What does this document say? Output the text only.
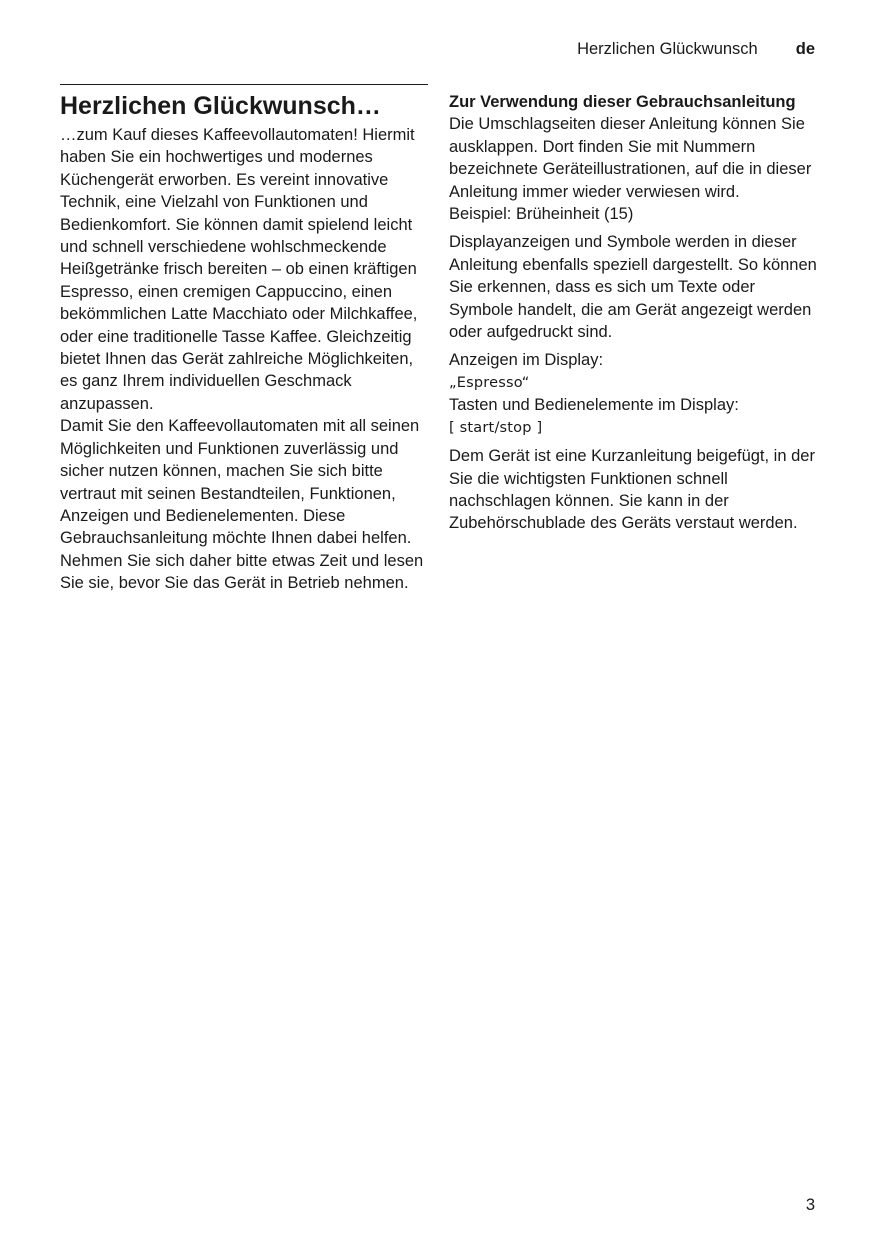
Herzlichen Glückwunsch de
Herzlichen Glückwunsch…

…zum Kauf dieses Kaffeevollautomaten! Hiermit haben Sie ein hochwertiges und modernes Küchengerät erworben. Es vereint innovative Technik, eine Vielzahl von Funktionen und Bedienkomfort. Sie können damit spielend leicht und schnell verschiedene wohlschmeckende Heißgetränke frisch bereiten – ob einen kräftigen Espresso, einen cremigen Cappuccino, einen bekömmlichen Latte Macchiato oder Milchkaffee, oder eine traditionelle Tasse Kaffee. Gleichzeitig bietet Ihnen das Gerät zahlreiche Möglichkeiten, es ganz Ihrem individuellen Geschmack anzupassen.

Damit Sie den Kaffeevollautomaten mit all seinen Möglichkeiten und Funktionen zuverlässig und sicher nutzen können, machen Sie sich bitte vertraut mit seinen Bestandteilen, Funktionen, Anzeigen und Bedienelementen. Diese Gebrauchsanleitung möchte Ihnen dabei helfen. Nehmen Sie sich daher bitte etwas Zeit und lesen Sie sie, bevor Sie das Gerät in Betrieb nehmen.

Zur Verwendung dieser Gebrauchsanleitung

Die Umschlagseiten dieser Anleitung können Sie ausklappen. Dort finden Sie mit Nummern bezeichnete Geräteillustrationen, auf die in dieser Anleitung immer wieder verwiesen wird.

Beispiel: Brüheinheit (15)

Displayanzeigen und Symbole werden in dieser Anleitung ebenfalls speziell dargestellt. So können Sie erkennen, dass es sich um Texte oder Symbole handelt, die am Gerät angezeigt werden oder aufgedruckt sind.

Anzeigen im Display:

„Espresso“

Tasten und Bedienelemente im Display:

[ start/stop ]

Dem Gerät ist eine Kurzanleitung beigefügt, in der Sie die wichtigsten Funktionen schnell nachschlagen können. Sie kann in der Zubehörschublade des Geräts verstaut werden.

3
